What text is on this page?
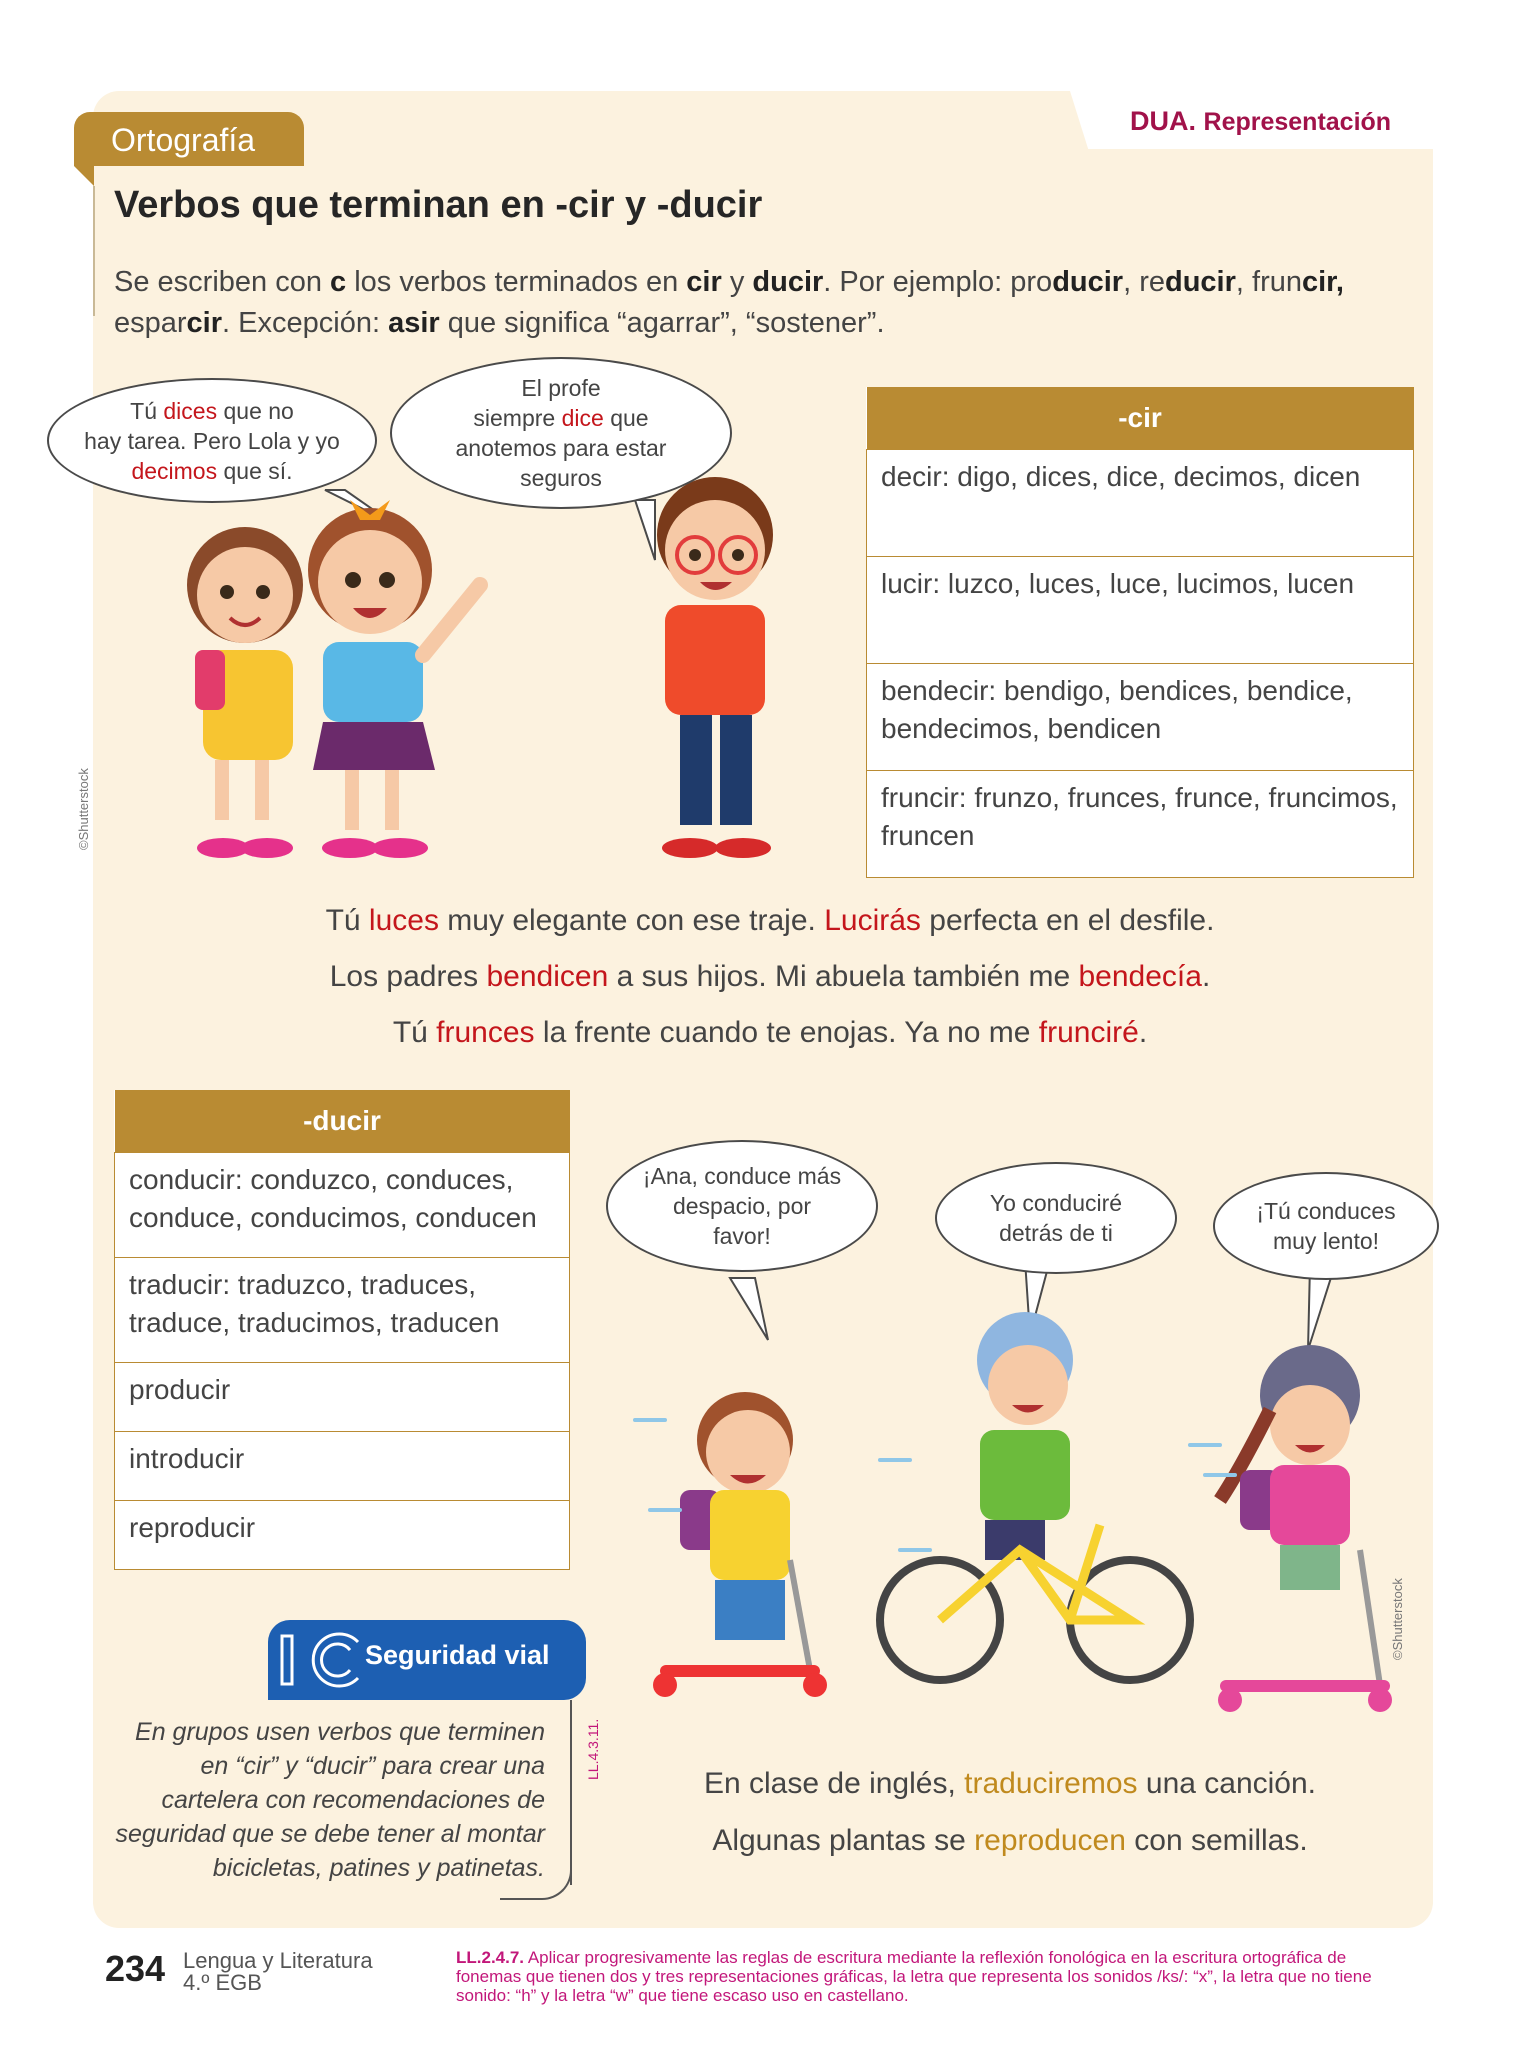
DUA. Representación
Ortografía
Verbos que terminan en -cir y -ducir
Se escriben con c los verbos terminados en cir y ducir. Por ejemplo: producir, reducir, fruncir,
esparcir. Excepción: asir que significa “agarrar”, “sostener”.
Tú dices que no
hay tarea. Pero Lola y yo
decimos que sí.
El profe
siempre dice que
anotemos para estar
seguros
©Shutterstock
-cir
decir: digo, dices, dice, decimos, dicen
lucir: luzco, luces, luce, lucimos, lucen
bendecir: bendigo, bendices, bendice, bendecimos, bendicen
fruncir: frunzo, frunces, frunce, fruncimos, fruncen
Tú luces muy elegante con ese traje. Lucirás perfecta en el desfile.
Los padres bendicen a sus hijos. Mi abuela también me bendecía.
Tú frunces la frente cuando te enojas. Ya no me frunciré.
-ducir
conducir: conduzco, conduces, conduce, conducimos, conducen
traducir: traduzco, traduces, traduce, traducimos, traducen
producir
introducir
reproducir
¡Ana, conduce más despacio, por favor!
Yo conduciré detrás de ti
¡Tú conduces muy lento!
©Shutterstock
IC
Seguridad vial
En grupos usen verbos que terminen en “cir” y “ducir” para crear una cartelera con recomendaciones de seguridad que se debe tener al montar bicicletas, patines y patinetas.
LL.4.3.11.
En clase de inglés, traduciremos una canción.
Algunas plantas se reproducen con semillas.
234 Lengua y Literatura
4.º EGB
LL.2.4.7. Aplicar progresivamente las reglas de escritura mediante la reflexión fonológica en la escritura ortográfica de fonemas que tienen dos y tres representaciones gráficas, la letra que representa los sonidos /ks/: “x”, la letra que no tiene sonido: “h” y la letra “w” que tiene escaso uso en castellano.
